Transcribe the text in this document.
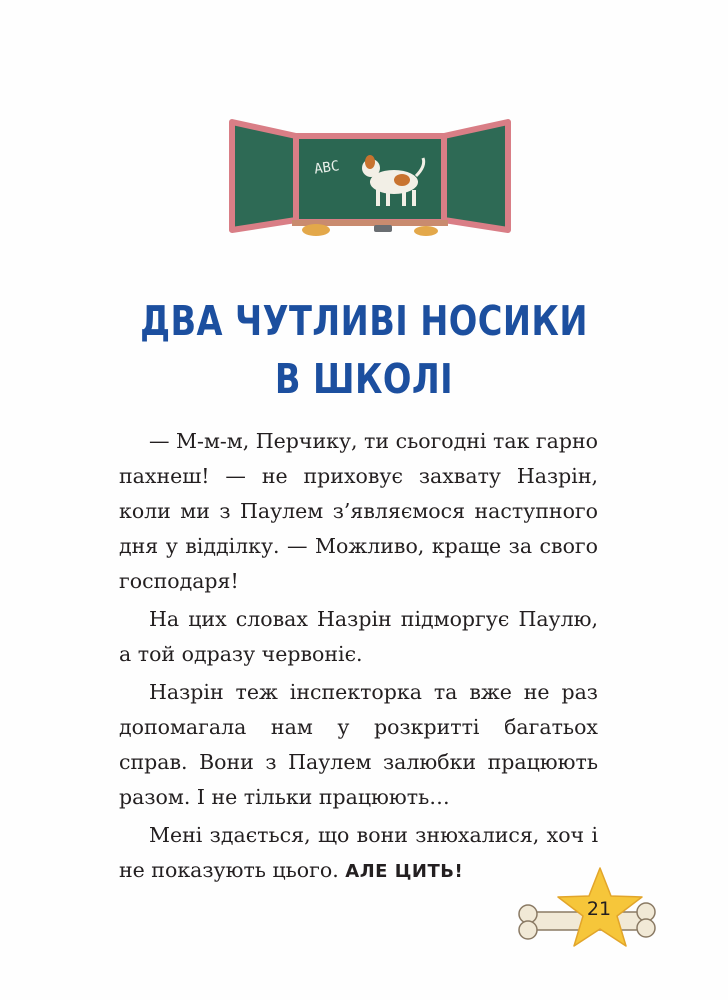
ABC
ДВА ЧУТЛИВІ НОСИКИ
В ШКОЛІ

— М-м-м, Перчику, ти сьогодні так гарно пахнеш! — не приховує захвату Назрін, коли ми з Паулем з’являємося наступного дня у відділку. — Можливо, краще за свого господаря!

На цих словах Назрін підморгує Паулю, а той одразу червоніє.

Назрін теж інспекторка та вже не раз допомагала нам у розкритті багатьох справ. Вони з Паулем залюбки працюють разом. І не тільки працюють…

Мені здається, що вони знюхалися, хоч і не показують цього. АЛЕ ЦИТЬ!

21
